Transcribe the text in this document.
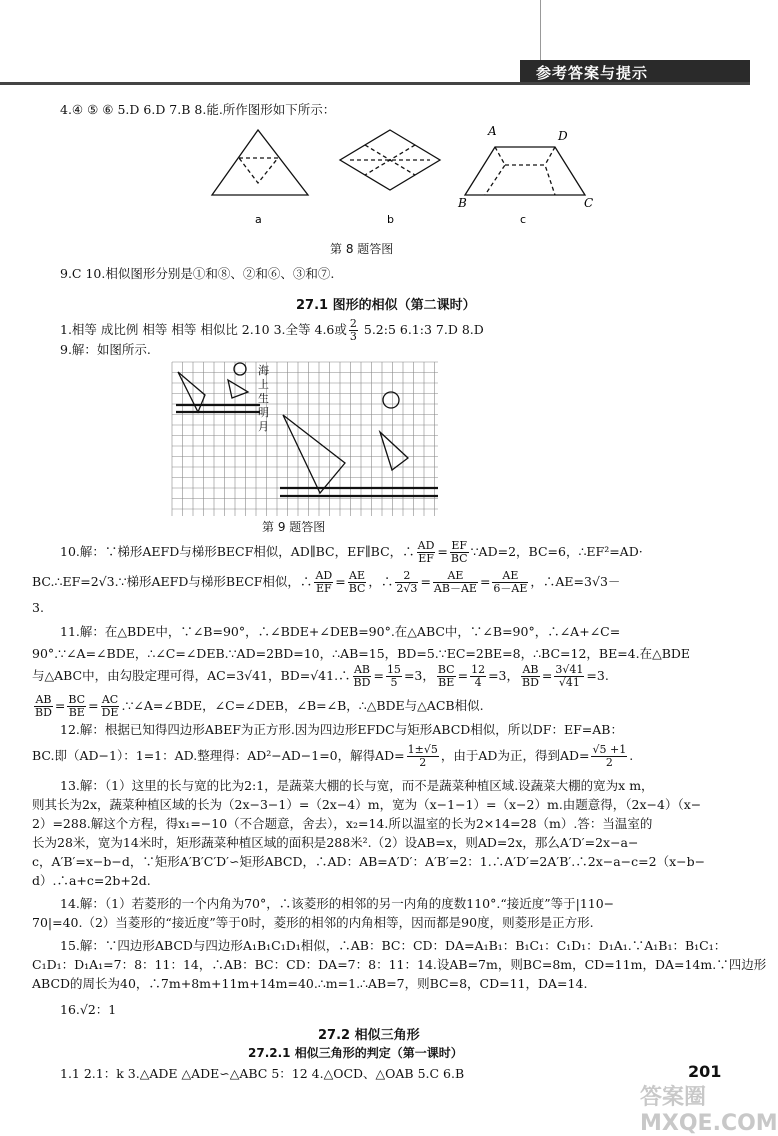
参考答案与提示
4.④ ⑤ ⑥ 5.D 6.D 7.B 8.能.所作图形如下所示：
a	b	c
A	D
B	C
第 8 题答图
9.C 10.相似图形分别是①和⑧、②和⑥、③和⑦.
27.1 图形的相似（第二课时）
1.相等 成比例 相等 相等 相似比 2.10 3.全等 4.6或 $\frac{2}{3}$ 5.2:5 6.1:3 7.D 8.D
9.解：如图所示.
海
上
生
明
月
第 9 题答图
10.解：∵梯形AEFD与梯形BECF相似，AD∥BC，EF∥BC，∴ $\frac{AD}{EF} = \frac{EF}{BC}$ ∵AD=2，BC=6，∴EF²=AD·
BC.∴EF=2√3.∵梯形AEFD与梯形BECF相似，∴ $\frac{AD}{EF} = \frac{AE}{BC}$ ，∴ $\frac{2}{2√3} = \frac{AE}{AB-AE} = \frac{AE}{6-AE}$ ，∴AE=3√3－
3.
11.解：在△BDE中，∵∠B=90°，∴∠BDE+∠DEB=90°.在△ABC中，∵∠B=90°，∴∠A+∠C=
90°.∵∠A=∠BDE，∴∠C=∠DEB.∵AD=2BD=10，∴AB=15，BD=5.∵EC=2BE=8，∴BC=12，BE=4.在△BDE
与△ABC中，由勾股定理可得，AC=3√41，BD=√41.∴ $\frac{AB}{BD} = \frac{15}{5} =3$， $\frac{BC}{BE} = \frac{12}{4} =3$， $\frac{AB}{BD} = \frac{3√41}{√41} =3$.
$\frac{AB}{BD} = \frac{BC}{BE} = \frac{AC}{DE}$ .∵∠A=∠BDE，∠C=∠DEB，∠B=∠B，∴△BDE与△ACB相似.
12.解：根据已知得四边形ABEF为正方形.因为四边形EFDC与矩形ABCD相似，所以DF：EF=AB：
BC.即（AD−1）：1=1：AD.整理得：AD²−AD−1=0，解得$AD= \frac{1\pm√5}{2}$ ，由于AD为正，得到$AD= \frac{√5 +1}{2}$ .
13.解：（1）这里的长与宽的比为2:1，是蔬菜大棚的长与宽，而不是蔬菜种植区域.设蔬菜大棚的宽为x m，
则其长为2x，蔬菜种植区域的长为（2x−3−1）=（2x−4）m，宽为（x−1−1）=（x−2）m.由题意得，（2x−4）（x−
2）=288.解这个方程，得x₁=−10（不合题意，舍去），x₂=14.所以温室的长为2×14=28（m）.答：当温室的
长为28米，宽为14米时，矩形蔬菜种植区域的面积是288米².（2）设AB=x，则AD=2x，那么A′D′=2x−a−
c，A′B′=x−b−d，∵矩形A′B′C′D′∽矩形ABCD，∴AD：AB=A′D′：A′B′=2：1.∴A′D′=2A′B′.∴2x−a−c=2（x−b−
d）.∴a+c=2b+2d.
14.解：（1）若菱形的一个内角为70°，∴该菱形的相邻的另一内角的度数110°.“接近度”等于|110−
70|=40.（2）当菱形的“接近度”等于0时，菱形的相邻的内角相等，因而都是90度，则菱形是正方形.
15.解：∵四边形ABCD与四边形A₁B₁C₁D₁相似，∴AB：BC：CD：DA=A₁B₁：B₁C₁：C₁D₁：D₁A₁.∵A₁B₁：B₁C₁：
C₁D₁：D₁A₁=7：8：11：14，∴AB：BC：CD：DA=7：8：11：14.设AB=7m，则BC=8m，CD=11m，DA=14m.∵四边形
ABCD的周长为40，∴7m+8m+11m+14m=40.∴m=1.∴AB=7，则BC=8，CD=11，DA=14.
16.√2：1
27.2 相似三角形
27.2.1 相似三角形的判定（第一课时）
1.1 2.1：k 3.△ADE △ADE∽△ABC 5：12 4.△OCD、△OAB 5.C 6.B	201
答案圈 MXQE.COM
